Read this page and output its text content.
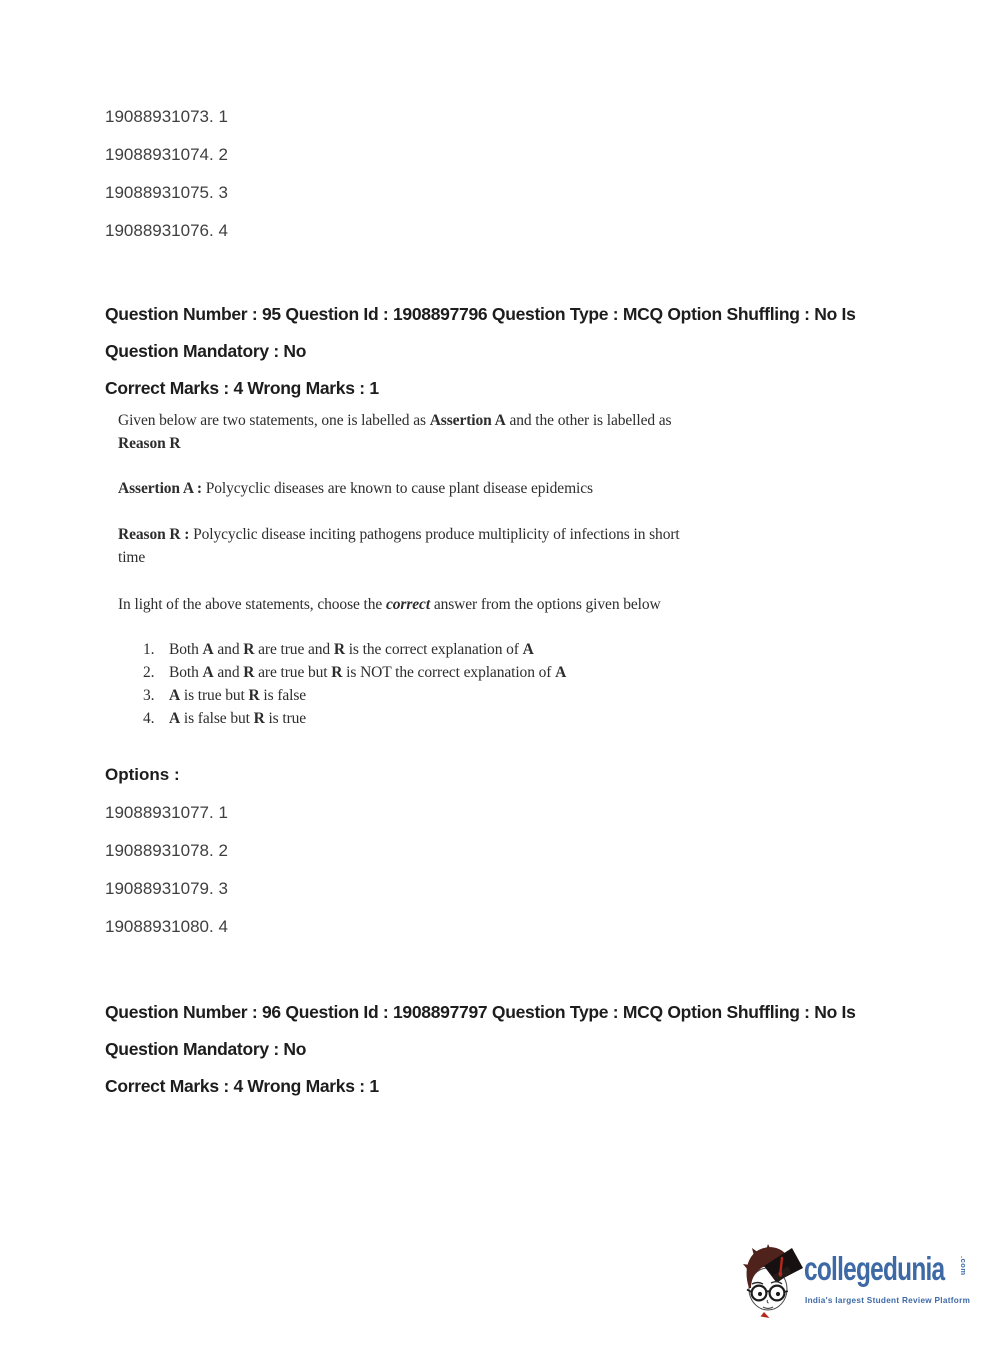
19088931073. 1
19088931074. 2
19088931075. 3
19088931076. 4
Question Number : 95 Question Id : 1908897796 Question Type : MCQ Option Shuffling : No Is
Question Mandatory : No
Correct Marks : 4 Wrong Marks : 1

Given below are two statements, one is labelled as Assertion A and the other is labelled as
Reason R

Assertion A : Polycyclic diseases are known to cause plant disease epidemics

Reason R : Polycyclic disease inciting pathogens produce multiplicity of infections in short
time

In light of the above statements, choose the correct answer from the options given below

1. Both A and R are true and R is the correct explanation of A
2. Both A and R are true but R is NOT the correct explanation of A
3. A is true but R is false
4. A is false but R is true
Options :
19088931077. 1
19088931078. 2
19088931079. 3
19088931080. 4
Question Number : 96 Question Id : 1908897797 Question Type : MCQ Option Shuffling : No Is
Question Mandatory : No
Correct Marks : 4 Wrong Marks : 1
collegedunia .com
India's largest Student Review Platform
